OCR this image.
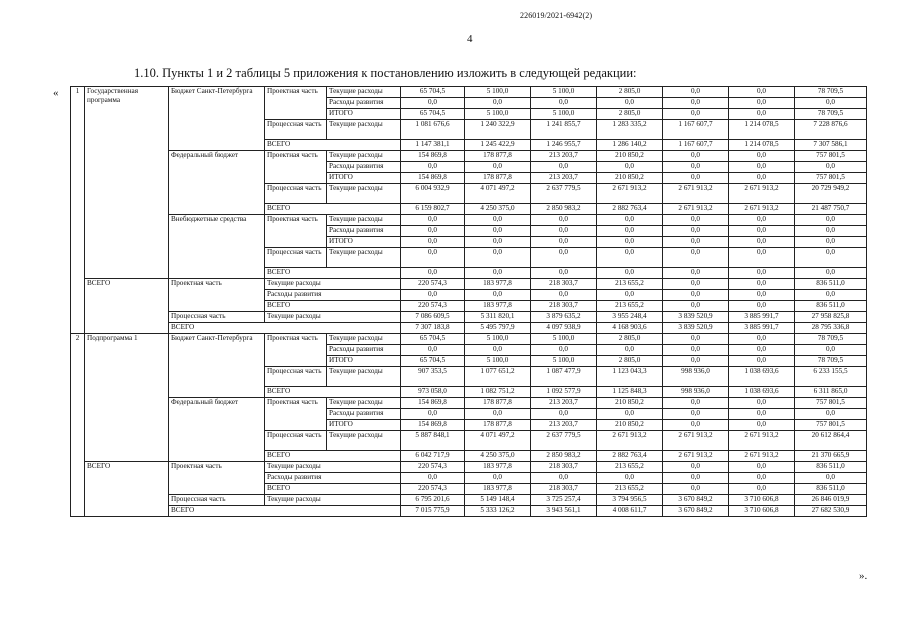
226019/2021-6942(2)
4
1.10. Пункты 1 и 2 таблицы 5 приложения к постановлению изложить в следующей редакции:
«
».
1	Государственная программа	Бюджет Санкт-Петербурга	Проектная часть	Текущие расходы	65 704,5	5 100,0	5 100,0	2 805,0	0,0	0,0	78 709,5
				Расходы развития	0,0	0,0	0,0	0,0	0,0	0,0	0,0
				ИТОГО	65 704,5	5 100,0	5 100,0	2 805,0	0,0	0,0	78 709,5
			Процессная часть	Текущие расходы	1 081 676,6	1 240 322,9	1 241 855,7	1 283 335,2	1 167 607,7	1 214 078,5	7 228 876,6
			ВСЕГО		1 147 381,1	1 245 422,9	1 246 955,7	1 286 140,2	1 167 607,7	1 214 078,5	7 307 586,1
		Федеральный бюджет	Проектная часть	Текущие расходы	154 869,8	178 877,8	213 203,7	210 850,2	0,0	0,0	757 801,5
				Расходы развития	0,0	0,0	0,0	0,0	0,0	0,0	0,0
				ИТОГО	154 869,8	178 877,8	213 203,7	210 850,2	0,0	0,0	757 801,5
			Процессная часть	Текущие расходы	6 004 932,9	4 071 497,2	2 637 779,5	2 671 913,2	2 671 913,2	2 671 913,2	20 729 949,2
			ВСЕГО		6 159 802,7	4 250 375,0	2 850 983,2	2 882 763,4	2 671 913,2	2 671 913,2	21 487 750,7
		Внебюджетные средства	Проектная часть	Текущие расходы	0,0	0,0	0,0	0,0	0,0	0,0	0,0
				Расходы развития	0,0	0,0	0,0	0,0	0,0	0,0	0,0
				ИТОГО	0,0	0,0	0,0	0,0	0,0	0,0	0,0
			Процессная часть	Текущие расходы	0,0	0,0	0,0	0,0	0,0	0,0	0,0
			ВСЕГО		0,0	0,0	0,0	0,0	0,0	0,0	0,0
	ВСЕГО	Проектная часть	Текущие расходы		220 574,3	183 977,8	218 303,7	213 655,2	0,0	0,0	836 511,0
			Расходы развития		0,0	0,0	0,0	0,0	0,0	0,0	0,0
			ВСЕГО		220 574,3	183 977,8	218 303,7	213 655,2	0,0	0,0	836 511,0
		Процессная часть	Текущие расходы		7 086 609,5	5 311 820,1	3 879 635,2	3 955 248,4	3 839 520,9	3 885 991,7	27 958 825,8
		ВСЕГО			7 307 183,8	5 495 797,9	4 097 938,9	4 168 903,6	3 839 520,9	3 885 991,7	28 795 336,8
2	Подпрограмма 1	Бюджет Санкт-Петербурга	Проектная часть	Текущие расходы	65 704,5	5 100,0	5 100,0	2 805,0	0,0	0,0	78 709,5
				Расходы развития	0,0	0,0	0,0	0,0	0,0	0,0	0,0
				ИТОГО	65 704,5	5 100,0	5 100,0	2 805,0	0,0	0,0	78 709,5
			Процессная часть	Текущие расходы	907 353,5	1 077 651,2	1 087 477,9	1 123 043,3	998 936,0	1 038 693,6	6 233 155,5
			ВСЕГО		973 058,0	1 082 751,2	1 092 577,9	1 125 848,3	998 936,0	1 038 693,6	6 311 865,0
		Федеральный бюджет	Проектная часть	Текущие расходы	154 869,8	178 877,8	213 203,7	210 850,2	0,0	0,0	757 801,5
				Расходы развития	0,0	0,0	0,0	0,0	0,0	0,0	0,0
				ИТОГО	154 869,8	178 877,8	213 203,7	210 850,2	0,0	0,0	757 801,5
			Процессная часть	Текущие расходы	5 887 848,1	4 071 497,2	2 637 779,5	2 671 913,2	2 671 913,2	2 671 913,2	20 612 864,4
			ВСЕГО		6 042 717,9	4 250 375,0	2 850 983,2	2 882 763,4	2 671 913,2	2 671 913,2	21 370 665,9
	ВСЕГО	Проектная часть	Текущие расходы		220 574,3	183 977,8	218 303,7	213 655,2	0,0	0,0	836 511,0
			Расходы развития		0,0	0,0	0,0	0,0	0,0	0,0	0,0
			ВСЕГО		220 574,3	183 977,8	218 303,7	213 655,2	0,0	0,0	836 511,0
		Процессная часть	Текущие расходы		6 795 201,6	5 149 148,4	3 725 257,4	3 794 956,5	3 670 849,2	3 710 606,8	26 846 019,9
		ВСЕГО			7 015 775,9	5 333 126,2	3 943 561,1	4 008 611,7	3 670 849,2	3 710 606,8	27 682 530,9
